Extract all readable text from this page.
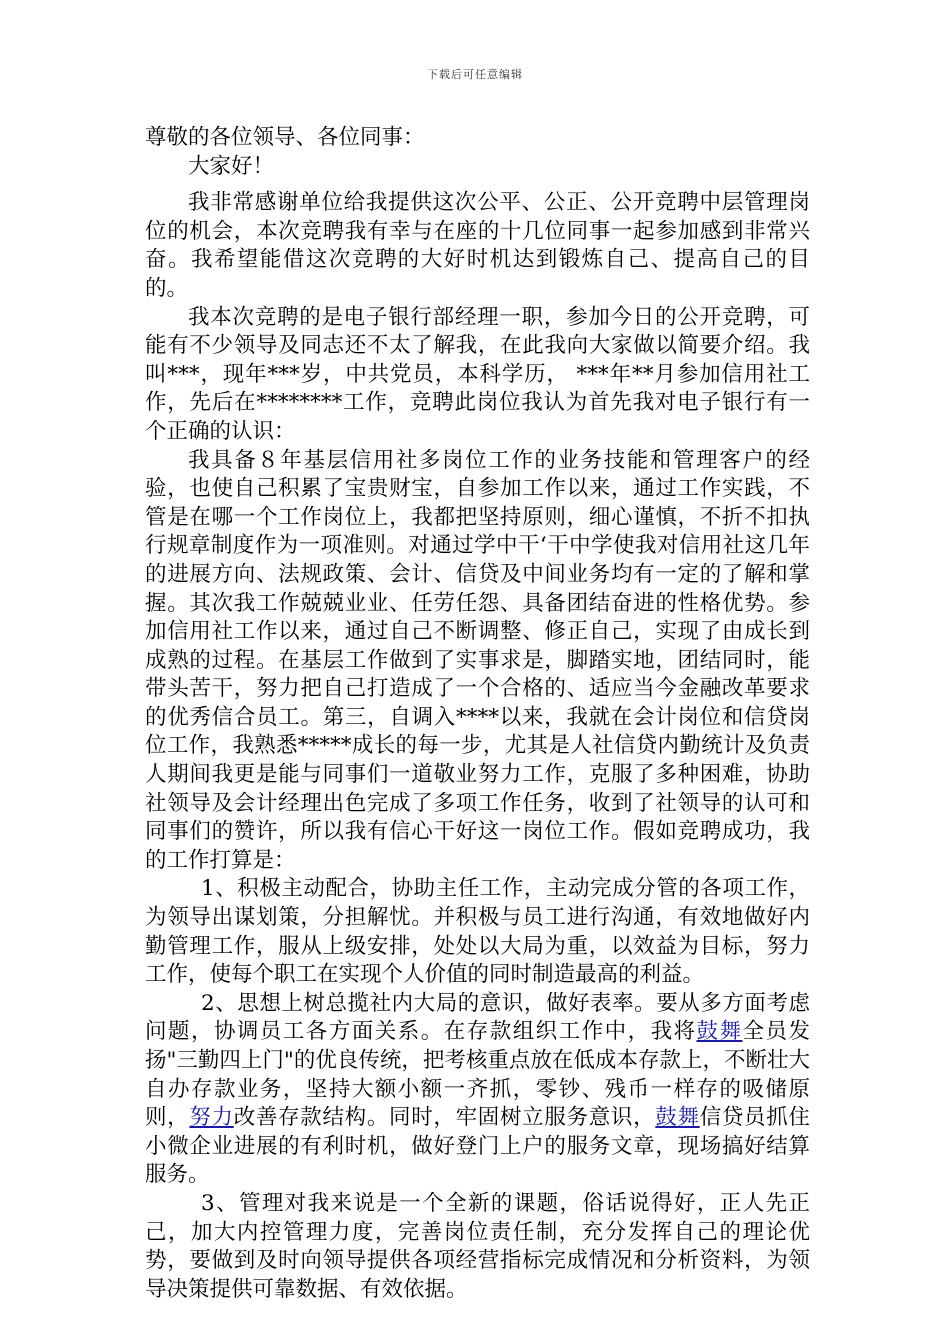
下载后可任意编辑

尊敬的各位领导、各位同事：

大家好！

我非常感谢单位给我提供这次公平、公正、公开竞聘中层管理岗位的机会，本次竞聘我有幸与在座的十几位同事一起参加感到非常兴奋。我希望能借这次竞聘的大好时机达到锻炼自己、提高自己的目的。

我本次竞聘的是电子银行部经理一职，参加今日的公开竞聘，可能有不少领导及同志还不太了解我，在此我向大家做以简要介绍。我叫***，现年***岁，中共党员，本科学历， ***年**月参加信用社工作，先后在********工作，竞聘此岗位我认为首先我对电子银行有一个正确的认识：

我具备８年基层信用社多岗位工作的业务技能和管理客户的经验，也使自己积累了宝贵财宝，自参加工作以来，通过工作实践，不管是在哪一个工作岗位上，我都把坚持原则，细心谨慎，不折不扣执行规章制度作为一项准则。对通过学中干‘干中学使我对信用社这几年的进展方向、法规政策、会计、信贷及中间业务均有一定的了解和掌握。其次我工作兢兢业业、任劳任怨、具备团结奋进的性格优势。参加信用社工作以来，通过自己不断调整、修正自己，实现了由成长到成熟的过程。在基层工作做到了实事求是，脚踏实地，团结同时，能带头苦干，努力把自己打造成了一个合格的、适应当今金融改革要求的优秀信合员工。第三，自调入****以来，我就在会计岗位和信贷岗位工作，我熟悉*****成长的每一步，尤其是人社信贷内勤统计及负责人期间我更是能与同事们一道敬业努力工作，克服了多种困难，协助社领导及会计经理出色完成了多项工作任务，收到了社领导的认可和同事们的赞许，所以我有信心干好这一岗位工作。假如竞聘成功，我的工作打算是：

1、积极主动配合，协助主任工作，主动完成分管的各项工作，为领导出谋划策，分担解忧。并积极与员工进行沟通，有效地做好内勤管理工作，服从上级安排，处处以大局为重，以效益为目标，努力工作，使每个职工在实现个人价值的同时制造最高的利益。

2、思想上树总揽社内大局的意识，做好表率。要从多方面考虑问题，协调员工各方面关系。在存款组织工作中，我将鼓舞全员发扬"三勤四上门"的优良传统，把考核重点放在低成本存款上，不断壮大自办存款业务，坚持大额小额一齐抓，零钞、残币一样存的吸储原则，努力改善存款结构。同时，牢固树立服务意识，鼓舞信贷员抓住小微企业进展的有利时机，做好登门上户的服务文章，现场搞好结算服务。

3、管理对我来说是一个全新的课题，俗话说得好，正人先正己，加大内控管理力度，完善岗位责任制，充分发挥自己的理论优势，要做到及时向领导提供各项经营指标完成情况和分析资料，为领导决策提供可靠数据、有效依据。
